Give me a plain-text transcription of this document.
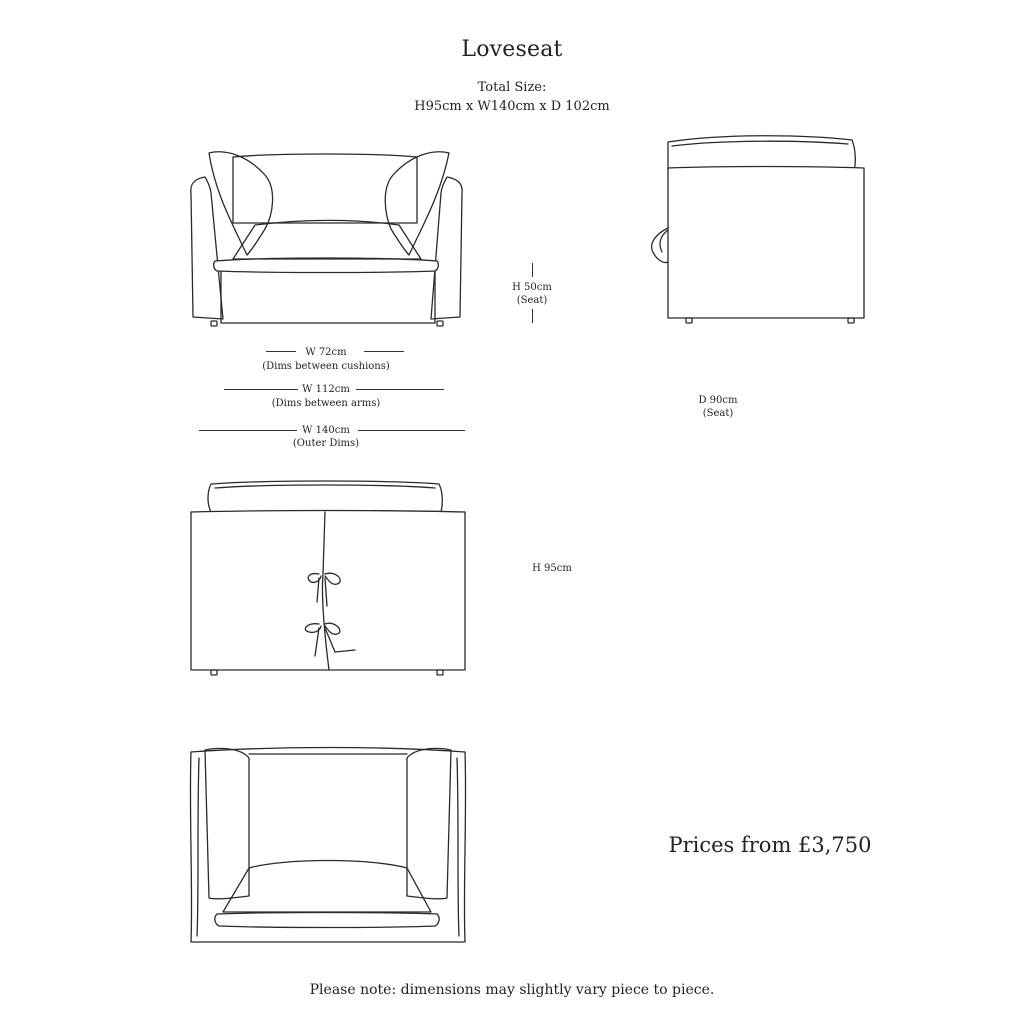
Loveseat
Total Size:
H95cm x W140cm x D 102cm
H 50cm
(Seat)
W 72cm
(Dims between cushions)
W 112cm
(Dims between arms)
W 140cm
(Outer Dims)
D 90cm
(Seat)
H 95cm
Prices from £3,750
Please note: dimensions may slightly vary piece to piece.
